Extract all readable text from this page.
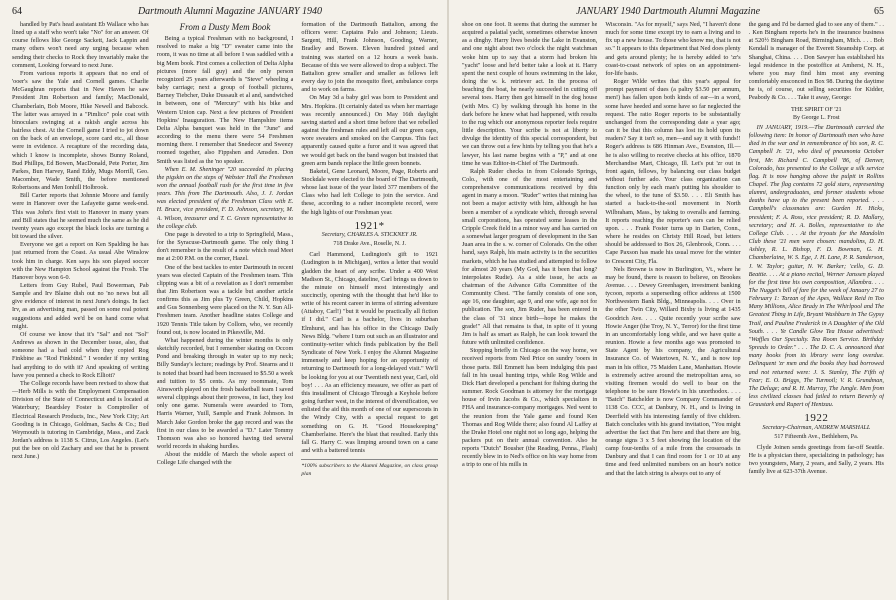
64	Dartmouth Alumni Magazine JANUARY 1940

handled by Pat's head assistant Eb Wallace who has lined up a staff who won't take "No" for an answer. Of course fellows like George Sackett, Jack Lappin and many others won't need any urging because when sending their checks to Rock they invariably make the comment, Looking forward to next June.

From various reports it appears that no end of 'ooer's saw the Yale and Cornell games. Charlie McGaughran reports that in New Haven he saw President Jim Robertson and family; MacDonald, Chamberlain, Bob Moore, Hike Newell and Babcock. The latter was arrayed in a "Pimlico" pole coat with binoculars swinging at a rakish angle across his hairless chest. At the Cornell game I tried to jot down on the back of an envelope, score card etc., all those were in evidence. A recapture of the recording data, which I know is incomplete, shows Bunny Roland, Bud Phillips, Ed Bowen, MacDonald, Pete Porter, Jim Parkes, Bun Harvey, Rand Eddy, Mugs Morrill, Geo. Macomber, Wade Smith, the before mentioned Robertsons and Men Ionhill Holbrook.

Bill Carter reports that Johnnie Moore and family were in Hanover over the Lafayette game week-end. This was John's first visit to Hanover in many years and Bill states that he seemed much the same as he did twenty years ago except the black locks are turning a bit toward the silver.

Everyone we get a report on Ken Spalding he has just returned from the Coast. As usual Abe Winslow took him in charge. Ken says his son played soccer with the New Hampton School against the Frosh. The Hanover boys won 6-0.

Letters from Guy Rubel, Paul Bowerman, Pab Sample and Irv Blaine dish out no 'no news but all give evidence of interest in next June's doings. In fact Irv, as an advertising man, passed on some real potent suggestions and added we'd be on hand come what might.

Of course we know that it's "Sal" and not "Sol" Andrews as shown in the December issue, also, that someone had a bad cold when they copied Rog Finkbine as "Rod Finkbind." I wonder if my writing had anything to do with it? And speaking of writing have you penned a check to Rock Elliott?

The College records have been revised to show that—Herb Mills is with the Employment Compensation Division of the State of Connecticut and is located at Waterbury; Beardsley Foster is Comptroller of Electrical Research Products, Inc., New York City; Art Gooding is in Chicago, Goldman, Sachs & Co.; Bud Weymouth is tutoring in Cambridge, Mass., and Zack Jordan's address is 1138 S. Citrus, Los Angeles. (Let's put the bee on old Zachary and see that he is present next June.)

From a Dusty Mem Book

Being a typical Freshman with no background, I resolved to make a big "D" sweater came into the room, it was no time at all before I was saddled with a big Mem book. First comes a collection of Delta Alpha pictures (more fall guy) and the only person recognized 25 years afterwards is "Steve" wheeling a baby carriage; next a group of football pictures, Barney Tiebcher, Duke Dussault et al and, sandwiched in between, one of "Mercury" with his bike and Western Union cap. Next a few pictures of President Hopkins' Inauguration. The New Hampshire items Delta Alpha banquet was held in the "June" and according to the menu there were 54 Freshmen morning there. I remember that Snedecor and Sweezy roomed together, also Fippshen and Amsden. Don Smith was listed as the 'no speaker.

When E. M. Sheninger "20 succeeded in placing the pigskin on the steps of Webster Hall the Freshmen won the annual football rush for the first time in five years. This from The Dartmouth. Also, J. J. Jordan was elected president of the Freshman Class with E. H. Bruce, vice president, F. D. Johnson, secretary, M. A. Wilson, treasurer and T. C. Green representative to the college club.

One page is devoted to a trip to Springfield, Mass., for the Syracuse-Dartmouth game. The only thing I don't remember is the result of a note which read Meet me at 2:00 P.M. on the corner, Hazel.

One of the best tackles to enter Dartmouth in recent years was elected Captain of the Freshmen team. This clipping was a bit of a revelation as I don't remember that Jim Robertson was a tackle but another article confirms this as Jim plus Ty Green, Child, Hopkins and Gus Sonnenberg were placed on the N. Y. Sun All-Freshmen team. Another headline states College and 1920 Tennis Title taken by Collom, who, we recently found out, is now located in Pikesville, Md.

What happened during the winter months is only sketchily recorded, but I remember skating on Occom Pond and breaking through in water up to my neck; Billy Sunday's lecture; readings by Prof. Stearns and it is noted that board had been increased to $5.50 a week and tuition to $5 cents. As my roommate, Tom Ainsworth played on the frosh basketball team I saved several clippings about their prowess, in fact, they lost only one game. Numerals were awarded to Tom, Harris Warner, Yuill, Sample and Frank Johnson. In March Jake Gordon broke the gap record and was the first in our class to be awarded a "D." Later Tommy Thomson was also so honored having tied several world records in shaking hurdles.

About the middle of March the whole aspect of College Life changed with the

formation of the Dartmouth Battalion, among the officers were: Captains Palo and Johnson; Lieuts. Sargent, Hill, Frank Johnson, Gooding, Warner, Bradley and Bowen. Eleven hundred joined and training was started on a 12 hours a week basis. Because of this we were allowed to drop a subject. The Battalion grew smaller and smaller as fellows left every day to join the mosquito fleet, ambulance corps and to work on farms.

On May 3d a baby girl was born to President and Mrs. Hopkins. (It certainly dated us when her marriage was recently announced.) On May 16th daylight saving started and a short time before that we rebelled against the freshman rules and left all our green caps, wore sweaters and smoked on the Campus. This fact apparently caused quite a furor and it was agreed that we would get back on the band wagon but insisted that green arm bands replace the little green bonnets.

Baketel, Gene Leonard, Moore, Page, Roberts and Stockdale were elected to the board of The Dartmouth, whose last issue of the year listed 377 members of the Class who had left College to join the service. And these, according to a rather incomplete record, were the high lights of our Freshman year.

1921*
Secretary, CHARLES A. STICKNEY JR.
718 Drake Ave., Roselle, N. J.

Carl Hammond, Ludington's gift to 1921 (Ludington is in Michigan), writes a letter that would gladden the heart of any scribe. Under a 400 West Madison St., Chicago, dateline, Carl brings us down to the minute on himself most interestingly and succinctly, opening with the thought that he'd like to write of his recent career in terms of stirring adventure (Attaboy, Carl!) "but it would be practically all fiction if I did." Carl is a bachelor, lives in suburban Elmhurst, and has his office in the Chicago Daily News Bldg. "where I turn out such as an illustrator and continuity-writer which finds publication by the Bell Syndicate of New York. I enjoy the Alumni Magazine immensely and keep hoping for an opportunity of returning to Dartmouth for a long-delayed visit." We'll be looking for you at our Twentieth next year, Carl, old boy! . . . As an efficiency measure, we offer as part of this installment of Chicago Through a Keyhole before going further west, in the interest of diversification, we enlisted the aid this month of one of our superscouts in the Windy City, with a special request to get something on G. H. "Good Housekeeping" Chamberlaine. Here's the blast that resulted. Early this fall G. Harry C. was limping around town on a cane and with a battered tennis

*100% subscribers to the Alumni Magazine, on class group plan

JANUARY 1940 Dartmouth Alumni Magazine	65

shoe on one foot. It seems that during the summer he acquired a palatial yacht, sometimes otherwise known as a dinghy. Harry lives beside the Lake in Evanston, and one night about two o'clock the night watchman woke him up to say that a storm had broken his "yacht" loose and he'd better take a look at it. Harry spent the next couple of hours swimming in the lake, doing the w. k. retriever act. In the process of beaching the boat, he nearly succeeded in cutting off several toes. Harry then got himself in the dog house (with Mrs. C) by walking through his home in the dark before he knew what had happened, with results to the rug which our anonymous reporter feels require little description. Your scribe is not at liberty to divulge the identity of this special correspondent, but we can throw out a few hints by telling you that he's a lawyer, his last name begins with a "P," and at one time he was Editor-in-Chief of The Dartmouth.

Ralph Ruder checks in from Colorado Springs, Colo., with one of the most entertaining and comprehensive communications received by this agent in many a moon. "Ruder" writes that mining has not been a major activity with him, although he has been a member of a syndicate which, through several small corporations, has operated some leases in the Cripple Creek field in a minor way and has carried on a somewhat larger program of development in the San Juan area in the s. w. corner of Colorado. On the other hand, says Ralph, his main activity is in the securities markets, which he has studied and attempted to follow for almost 20 years (My God, has it been that long? interpolates Rudie). As a side issue, he acts as chairman of the Advance Gifts Committee of the Community Chest. "The family consists of one son, age 16, one daughter, age 9, and one wife, age not for publication. The son, Jim Ruder, has been entered in the class of '31 since birth—hope he makes the grade!" All that remains is that, in spite of it young Jim is half as smart as Ralph, he can look toward the future with unlimited confidence.

Stopping briefly in Chicago on the way home, we received reports from Ned Price on sundry 'ooers in those parts. Bill Emmett has been indulging this past fall in his usual hunting trips, while Rog Wilde and Dick Hart developed a penchant for fishing during the summer. Rock Goodman is attorney for the mortgage house of Irvin Jacobs & Co., which specializes in FHA and insurance-company mortgages. Ned went to the reunion from the Yale game and found Ken Thomas and Rog Wilde there; also found Al Laffey at the Drake Hotel one night not so long ago, helping the packers put on their annual convention. Also he reports "Dutch" Bousher (the Reading, Penna., Flash) recently blew in to Ned's office on his way home from a trip to one of his mills in

Wisconsin. "As for myself," says Ned, "I haven't done much for some time except try to earn a living and to fix up a new house. To those who know me, that is not so." It appears to this department that Ned does plenty and gets around plenty; he is hereby added to 'zr's coast-to-coast network of spies on an appointment-for-life basis.

Roger Wilde writes that this year's appeal for prompt payment of dues (a paltry $3.50 per annum, men!) has fallen upon both kinds of ear—in a word, some have heeded and some have so far neglected the request. The ratio Roger reports to be substantially unchanged from the corresponding date a year ago; can it be that this column has lost its hold upon its readers? Say it isn't so, men—and say it with funds!! Roger's address is 686 Hinman Ave., Evanston, Ill.—he is also willing to receive checks at his office, 1870 Merchandise Mart, Chicago, Ill. Let's put 'zr out in front again, fellows, by balancing our class budget without further ado. Your class organization can function only by each man's putting his shoulder to the wheel, to the tune of $3.50. . . . Eli Smith has started a back-to-the-soil movement in North Wilbraham, Mass., by taking to overalls and farming. It reports reaching the reporter's ears can be relied upon. . . . Frank Foster turns up in Darien, Conn., where he resides on Christy Hill Road, but letters should be addressed to Box 26, Glenbrook, Conn. . . . Cape Paxson has made his usual move for the winter to Crescent City, Fla.

Nels Browne is now in Burlington, Vt., where he may be found, there is reason to believe, on Brookes Avenue. . . . Dewey Greenhagen, investment banking tycoon, reports a superseding office address at 1500 Northwestern Bank Bldg., Minneapolis. . . . Over in the other Twin City, Willard Bixby is living at 1435 Goodrich Ave. . . . Quite recently your scribe saw Howie Anger (the Troy, N. Y., Terror) for the first time in an uncomfortably long while, and we have quite a reunion. Howie a few months ago was promoted to State Agent by his company, the Agricultural Insurance Co. of Watertown, N. Y., and is now top man in his office, 75 Maiden Lane, Manhattan. Howie is extremely active around the metropolitan area, so visiting firemen would do well to bear on the telephone to be sure Howie's in his unorthodox. . . . "Batch" Batchelder is now Company Commander of 1138 Co. CCC, at Danbury, N. H., and is living in Deerfield with his interesting family of five children. Batch concludes with his grand invitation, "You might advertise the fact that I'm here and that there are big, orange signs 3 x 5 feet showing the location of the camp four-tenths of a mile from the crossroads in Danbury and that I can find room for 1 or 10 at any time and feed unlimited numbers on an hour's notice and that the latch string is always out to any of

the gang and I'd be darned glad to see any of them." . . . Ken Bingham reports he's in the insurance business at 520½ Bingham Road, Birmingham, Mich. . . . Bob Kendall is manager of the Everett Steamship Corp. at Shanghai, China. . . . Don Sawyer has established his legal residence in the postoffice at Amherst, N. H., where you may find him most any evening comfortably ensconced in Box 98. During the daytime he is, of course, out selling securities for Kidder, Peabody & Co. . . . Take it away, George:

THE SPIRIT OF '21
By George L. Frost

IN JANUARY, 1919.—The Dartmouth carried the following item: In honor of Dartmouth men who have died in the war and in remembrance of his son, R. C. Campbell Jr. '21, who died of pneumonia October first, Mr. Richard C. Campbell '86, of Denver, Colorado, has presented to the College a silk service flag. It is now hanging above the pulpit in Rollins Chapel. The flag contains 72 gold stars, representing alumni, undergraduates, and former students whose deaths have up to the present been reported. . . . Campbell's classmates are: Gurden H. Hicks, president; F. A. Ross, vice president; R. D. Mallary, secretary; and H. A. Bolles, representative to the College Club. . . . At the tryouts for the Mandolin Club these '21 men were chosen: mandolins, D. H. Ashley, R. L. Bishop, F. D. Bowman, G. H. Chamberlaine, W. S. Ege, J. H. Lane, P. R. Sanderson, J. W. Taylor; guitar, N. W. Barker; 'cello, G. D. Beattie. . . . At a piano recital, Werner Janssen played for the first time his own composition, Allambra. . . . The Nugget's bill of fare for the week of January 27 to February 1: Tarzan of the Apes, Wallace Reid in Too Many Millions, Alice Brady in The Whirlpool and The Greatest Thing in Life, Bryant Washburn in The Gypsy Trail, and Pauline Frederick in A Daughter of the Old South. . . . Ye Candle Glow Tea House advertised: "Waffles Our Specialty. Tea Room Service. Birthday Spreads to Order." . . . The D. C. A. announced that many books from its library were long overdue. Delinquent 'zr men and the books they had borrowed and not returned were: J. S. Stanley, The Fifth of Fear; E. O. Briggs, The Turmoil; V. R. Grundman, The Deluge; and R. H. Murray, The Jungle. Men from less civilized classes had failed to return Beverly of Graustark and Rupert of Hentzau.

1922
Secretary-Chairman, ANDREW MARSHALL
517 Fifteenth Ave., Bethlehem, Pa.

Clyde Joinen sends greetings from far-off Seattle. He is a physician there, specializing in pathology; has two youngsters, Mary, 2 years, and Sally, 2 years. His family live at 623-37th Avenue.
